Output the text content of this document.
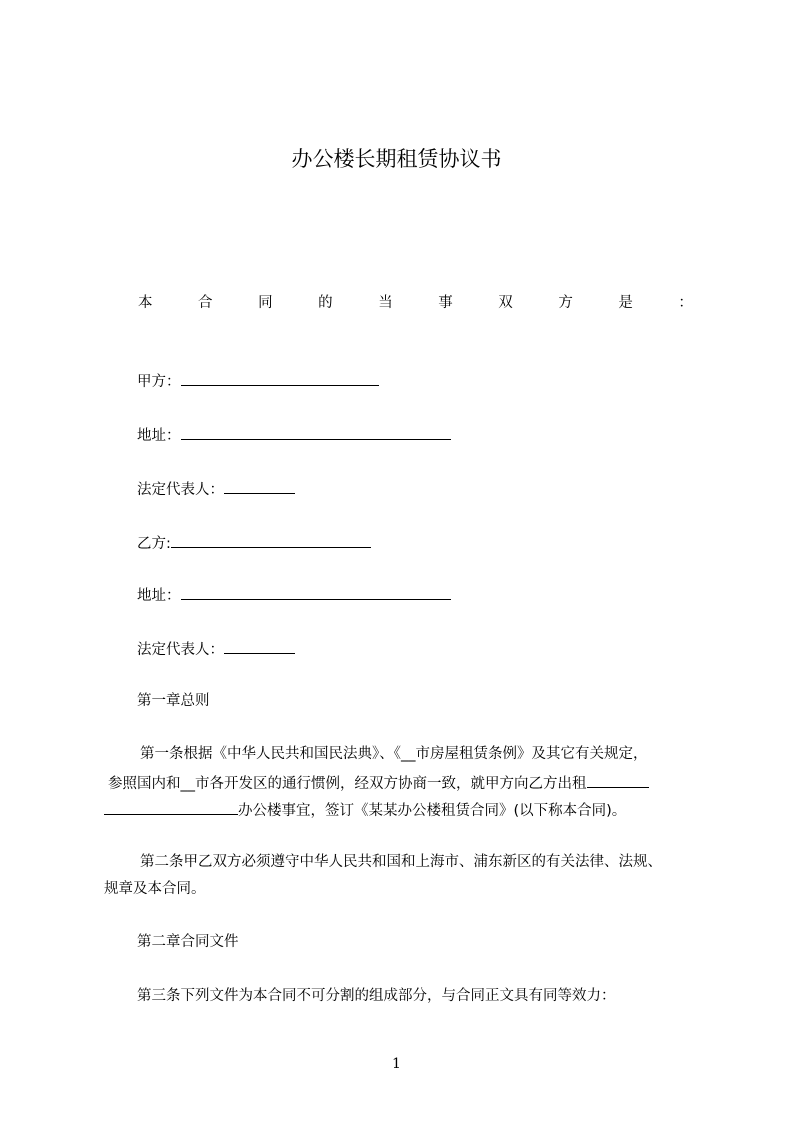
办公楼长期租赁协议书
本	合	同	的	当	事	双	方	是	：
甲方：
地址：
法定代表人：
乙方:
地址：
法定代表人：
第一章总则
第一条根据《中华人民共和国民法典》、《__市房屋租赁条例》及其它有关规定，
参照国内和__市各开发区的通行惯例，经双方协商一致，就甲方向乙方出租
办公楼事宜，签订《某某办公楼租赁合同》(以下称本合同)。
第二条甲乙双方必须遵守中华人民共和国和上海市、浦东新区的有关法律、法规、
规章及本合同。
第二章合同文件
第三条下列文件为本合同不可分割的组成部分，与合同正文具有同等效力：
1
